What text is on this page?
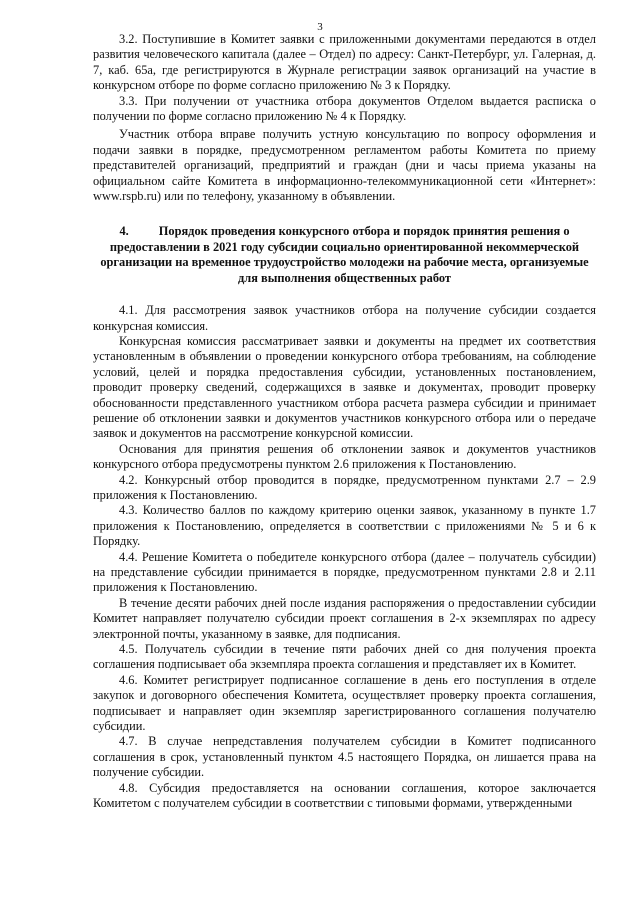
3

3.2. Поступившие в Комитет заявки с приложенными документами передаются в отдел развития человеческого капитала (далее – Отдел) по адресу: Санкт-Петербург, ул. Галерная, д. 7, каб. 65а, где регистрируются в Журнале регистрации заявок организаций на участие в конкурсном отборе по форме согласно приложению № 3 к Порядку.

3.3. При получении от участника отбора документов Отделом выдается расписка о получении по форме согласно приложению № 4 к Порядку.

Участник отбора вправе получить устную консультацию по вопросу оформления и подачи заявки в порядке, предусмотренном регламентом работы Комитета по приему представителей организаций, предприятий и граждан (дни и часы приема указаны на официальном сайте Комитета в информационно-телекоммуникационной сети «Интернет»: www.rspb.ru) или по телефону, указанному в объявлении.

4. Порядок проведения конкурсного отбора и порядок принятия решения о предоставлении в 2021 году субсидии социально ориентированной некоммерческой организации на временное трудоустройство молодежи на рабочие места, организуемые для выполнения общественных работ

4.1. Для рассмотрения заявок участников отбора на получение субсидии создается конкурсная комиссия.

Конкурсная комиссия рассматривает заявки и документы на предмет их соответствия установленным в объявлении о проведении конкурсного отбора требованиям, на соблюдение условий, целей и порядка предоставления субсидии, установленных постановлением, проводит проверку сведений, содержащихся в заявке и документах, проводит проверку обоснованности представленного участником отбора расчета размера субсидии и принимает решение об отклонении заявки и документов участников конкурсного отбора или о передаче заявок и документов на рассмотрение конкурсной комиссии.

Основания для принятия решения об отклонении заявок и документов участников конкурсного отбора предусмотрены пунктом 2.6 приложения к Постановлению.

4.2. Конкурсный отбор проводится в порядке, предусмотренном пунктами 2.7 – 2.9 приложения к Постановлению.

4.3. Количество баллов по каждому критерию оценки заявок, указанному в пункте 1.7 приложения к Постановлению, определяется в соответствии с приложениями № 5 и 6 к Порядку.

4.4. Решение Комитета о победителе конкурсного отбора (далее – получатель субсидии) на представление субсидии принимается в порядке, предусмотренном пунктами 2.8 и 2.11 приложения к Постановлению.

В течение десяти рабочих дней после издания распоряжения о предоставлении субсидии Комитет направляет получателю субсидии проект соглашения в 2-х экземплярах по адресу электронной почты, указанному в заявке, для подписания.

4.5. Получатель субсидии в течение пяти рабочих дней со дня получения проекта соглашения подписывает оба экземпляра проекта соглашения и представляет их в Комитет.

4.6. Комитет регистрирует подписанное соглашение в день его поступления в отделе закупок и договорного обеспечения Комитета, осуществляет проверку проекта соглашения, подписывает и направляет один экземпляр зарегистрированного соглашения получателю субсидии.

4.7. В случае непредставления получателем субсидии в Комитет подписанного соглашения в срок, установленный пунктом 4.5 настоящего Порядка, он лишается права на получение субсидии.

4.8. Субсидия предоставляется на основании соглашения, которое заключается Комитетом с получателем субсидии в соответствии с типовыми формами, утвержденными
